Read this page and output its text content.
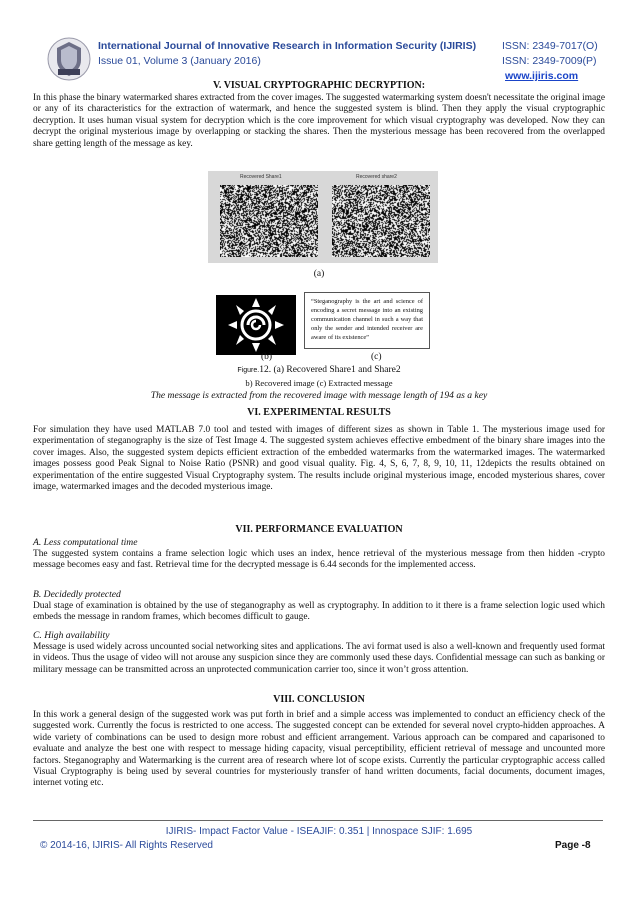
International Journal of Innovative Research in Information Security (IJIRIS)
Issue 01, Volume 3 (January 2016)
ISSN: 2349-7017(O)
ISSN: 2349-7009(P)
www.ijiris.com
V. VISUAL CRYPTOGRAPHIC DECRYPTION:
In this phase the binary watermarked shares extracted from the cover images. The suggested watermarking system doesn't necessitate the original image or any of its characteristics for the extraction of watermark, and hence the suggested system is blind. Then they apply the visual cryptographic decryption. It uses human visual system for decryption which is the core improvement for which visual cryptography was developed. Now they can decrypt the original mysterious image by overlapping or stacking the shares. Then the mysterious message has been recovered from the overlapped share getting length of the message as key.
Recovered Share1	Recovered share2
(a)
“Steganography is the art and science of encoding a secret message into an existing communication channel in such a way that only the sender and intended receiver are aware of its existence”
(b)	(c)
Figure.12. (a) Recovered Share1 and Share2
b) Recovered image (c) Extracted message
The message is extracted from the recovered image with message length of 194 as a key
VI. EXPERIMENTAL RESULTS
For simulation they have used MATLAB 7.0 tool and tested with images of different sizes as shown in Table 1. The mysterious image used for experimentation of steganography is the size of Test Image 4. The suggested system achieves effective embedment of the binary share images into the cover images. Also, the suggested system depicts efficient extraction of the embedded watermarks from the watermarked images. The watermarked images possess good Peak Signal to Noise Ratio (PSNR) and good visual quality. Fig. 4, S, 6, 7, 8, 9, 10, 11, 12depicts the results obtained on experimentation of the entire suggested Visual Cryptography system. The results include original mysterious image, encoded mysterious shares, cover image, watermarked images and the decoded mysterious image.
VII. PERFORMANCE EVALUATION
A. Less computational time
The suggested system contains a frame selection logic which uses an index, hence retrieval of the mysterious message from then hidden -crypto message becomes easy and fast. Retrieval time for the decrypted message is 6.44 seconds for the implemented access.
B. Decidedly protected
Dual stage of examination is obtained by the use of steganography as well as cryptography. In addition to it there is a frame selection logic used which embeds the message in random frames, which becomes difficult to gauge.
C. High availability
Message is used widely across uncounted social networking sites and applications. The avi format used is also a well-known and frequently used format in videos. Thus the usage of video will not arouse any suspicion since they are commonly used these days. Confidential message can such as banking or military message can be transmitted across an unprotected communication carrier too, since it won’t gross attention.
VIII. CONCLUSION
In this work a general design of the suggested work was put forth in brief and a simple access was implemented to conduct an efficiency check of the suggested work. Currently the focus is restricted to one access. The suggested concept can be extended for several novel crypto-hidden approaches. A wide variety of combinations can be used to design more robust and efficient arrangement. Various approach can be compared and caparisoned to evaluate and analyze the best one with respect to message hiding capacity, visual perceptibility, efficient retrieval of message and uncounted more factors. Steganography and Watermarking is the current area of research where lot of scope exists. Currently the particular cryptographic access called Visual Cryptography is being used by several countries for mysteriously transfer of hand written documents, facial documents, document images, internet voting etc.
IJIRIS- Impact Factor Value - ISEAJIF: 0.351 | Innospace SJIF: 1.695
© 2014-16, IJIRIS- All Rights Reserved	Page -8
